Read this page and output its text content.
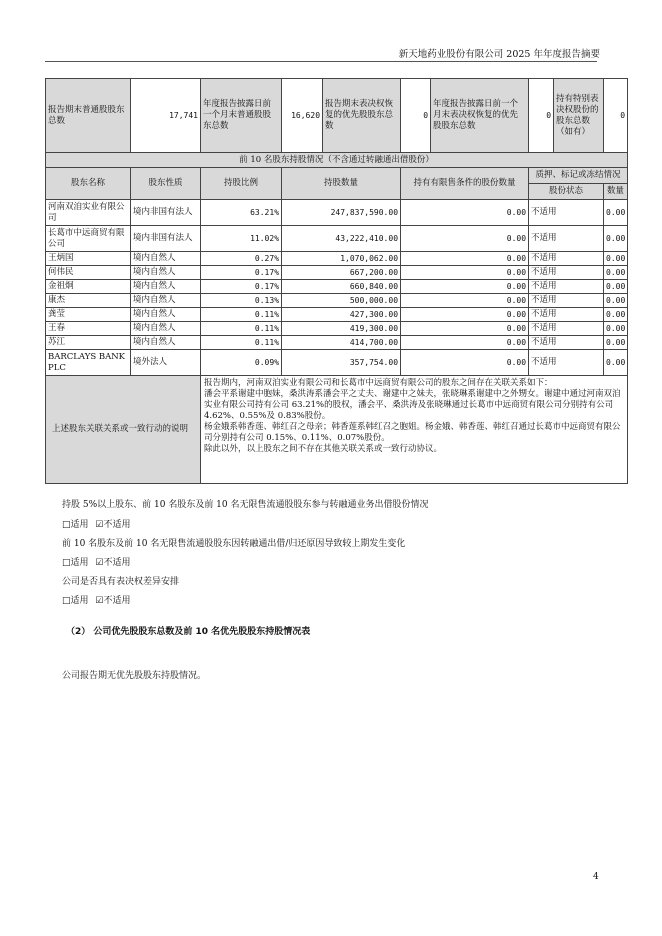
新天地药业股份有限公司 2025 年年度报告摘要
报告期末普通股股东总数	17,741	年度报告披露日前一个月末普通股股东总数	16,620	报告期末表决权恢复的优先股股东总数	0	年度报告披露日前一个月末表决权恢复的优先股股东总数	0	持有特别表决权股份的股东总数（如有）	0
前 10 名股东持股情况（不含通过转融通出借股份）									
股东名称	股东性质	持股比例	持股数量		持有有限售条件的股份数量		质押、标记或冻结情况		
							股份状态		数量
河南双洎实业有限公司	境内非国有法人	63.21%	247,837,590.00		0.00		不适用		0.00
长葛市中远商贸有限公司	境内非国有法人	11.02%	43,222,410.00		0.00		不适用		0.00
王炳国	境内自然人	0.27%	1,070,062.00		0.00		不适用		0.00
何伟民	境内自然人	0.17%	667,200.00		0.00		不适用		0.00
金祖炯	境内自然人	0.17%	660,840.00		0.00		不适用		0.00
康杰	境内自然人	0.13%	500,000.00		0.00		不适用		0.00
龚莹	境内自然人	0.11%	427,300.00		0.00		不适用		0.00
王春	境内自然人	0.11%	419,300.00		0.00		不适用		0.00
苏江	境内自然人	0.11%	414,700.00		0.00		不适用		0.00
BARCLAYS BANK PLC	境外法人	0.09%	357,754.00		0.00		不适用		0.00
上述股东关联关系或一致行动的说明		报告期内，河南双洎实业有限公司和长葛市中远商贸有限公司的股东之间存在关联关系如下：

潘会平系谢建中胞妹，桑洪涛系潘会平之丈夫、谢建中之妹夫，张晓琳系谢建中之外甥女。谢建中通过河南双洎实业有限公司持有公司 63.21%的股权，潘会平、桑洪涛及张晓琳通过长葛市中远商贸有限公司分别持有公司 4.62%、0.55%及 0.83%股份。

杨金娥系韩香莲、韩红召之母亲；韩香莲系韩红召之胞姐。杨金娥、韩香莲、韩红召通过长葛市中远商贸有限公司分别持有公司 0.15%、0.11%、0.07%股份。

除此以外，以上股东之间不存在其他关联关系或一致行动协议。							

持股 5%以上股东、前 10 名股东及前 10 名无限售流通股股东参与转融通业务出借股份情况
□适用 ☑不适用
前 10 名股东及前 10 名无限售流通股股东因转融通出借/归还原因导致较上期发生变化
□适用 ☑不适用
公司是否具有表决权差异安排
□适用 ☑不适用
（2） 公司优先股股东总数及前 10 名优先股股东持股情况表
公司报告期无优先股股东持股情况。
4
